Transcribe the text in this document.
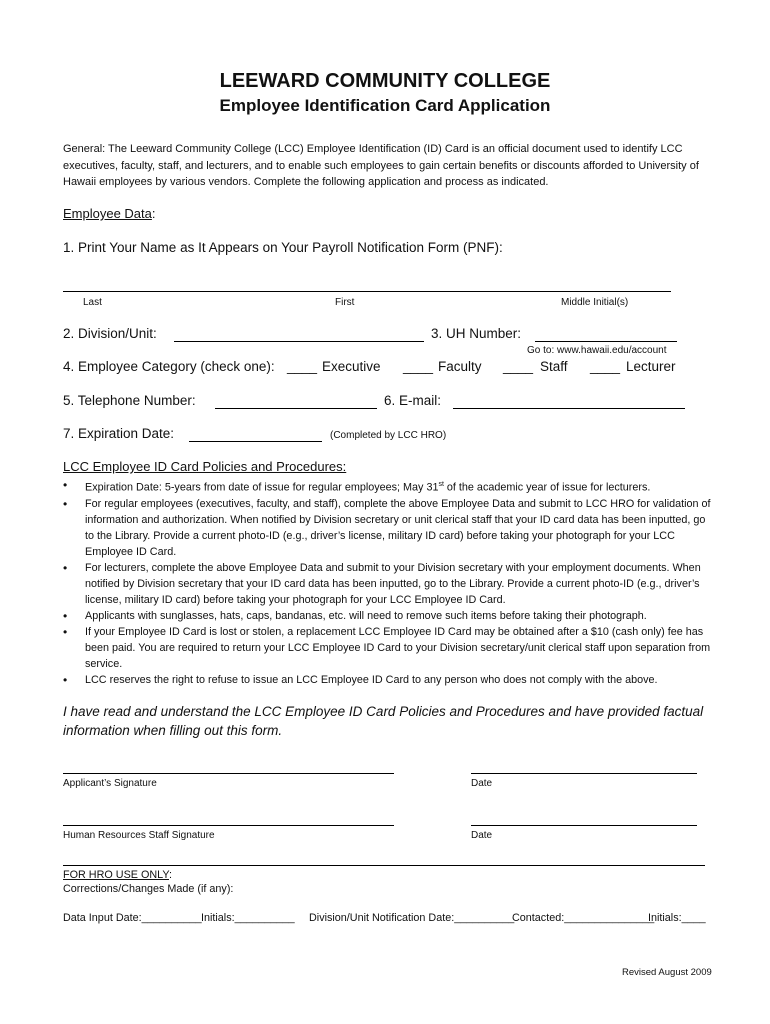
LEEWARD COMMUNITY COLLEGE
Employee Identification Card Application
General: The Leeward Community College (LCC) Employee Identification (ID) Card is an official document used to identify LCC executives, faculty, staff, and lecturers, and to enable such employees to gain certain benefits or discounts afforded to University of Hawaii employees by various vendors. Complete the following application and process as indicated.
Employee Data:
1. Print Your Name as It Appears on Your Payroll Notification Form (PNF):
Last	First	Middle Initial(s)
2. Division/Unit:	3. UH Number:
Go to: www.hawaii.edu/account
4. Employee Category (check one): ____ Executive ____ Faculty ____ Staff ____ Lecturer
5. Telephone Number:	6. E-mail:
7. Expiration Date:	(Completed by LCC HRO)
LCC Employee ID Card Policies and Procedures:
• Expiration Date: 5-years from date of issue for regular employees; May 31st of the academic year of issue for lecturers.
• For regular employees (executives, faculty, and staff), complete the above Employee Data and submit to LCC HRO for validation of information and authorization. When notified by Division secretary or unit clerical staff that your ID card data has been inputted, go to the Library. Provide a current photo-ID (e.g., driver’s license, military ID card) before taking your photograph for your LCC Employee ID Card.
• For lecturers, complete the above Employee Data and submit to your Division secretary with your employment documents. When notified by Division secretary that your ID card data has been inputted, go to the Library. Provide a current photo-ID (e.g., driver’s license, military ID card) before taking your photograph for your LCC Employee ID Card.
• Applicants with sunglasses, hats, caps, bandanas, etc. will need to remove such items before taking their photograph.
• If your Employee ID Card is lost or stolen, a replacement LCC Employee ID Card may be obtained after a $10 (cash only) fee has been paid. You are required to return your LCC Employee ID Card to your Division secretary/unit clerical staff upon separation from service.
• LCC reserves the right to refuse to issue an LCC Employee ID Card to any person who does not comply with the above.
I have read and understand the LCC Employee ID Card Policies and Procedures and have provided factual information when filling out this form.
Applicant’s Signature	Date
Human Resources Staff Signature	Date
FOR HRO USE ONLY:
Corrections/Changes Made (if any):
Data Input Date:__________ Initials:__________ Division/Unit Notification Date:__________
Contacted:_______________
Initials:____
Revised August 2009
